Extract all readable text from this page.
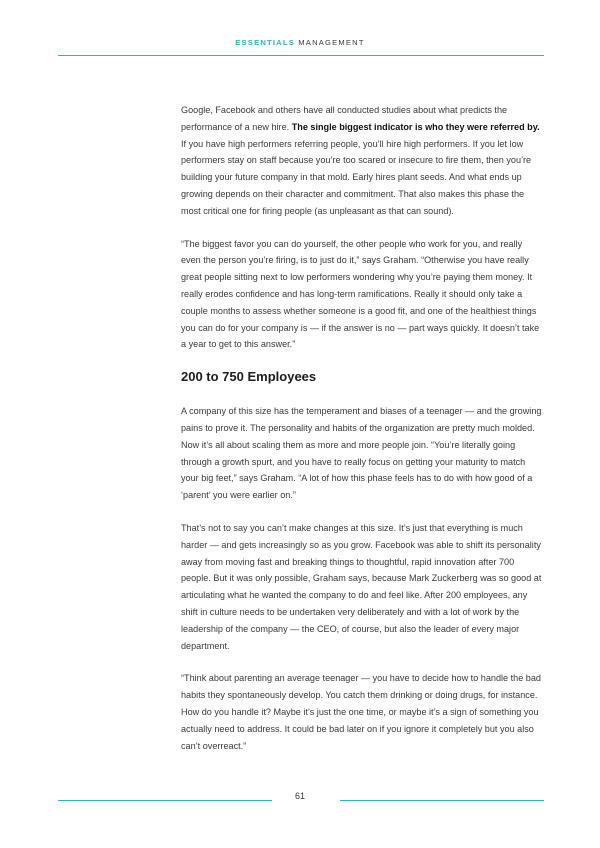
ESSENTIALS MANAGEMENT

Google, Facebook and others have all conducted studies about what predicts the performance of a new hire. The single biggest indicator is who they were referred by. If you have high performers referring people, you’ll hire high performers. If you let low performers stay on staff because you’re too scared or insecure to fire them, then you’re building your future company in that mold. Early hires plant seeds. And what ends up growing depends on their character and commitment. That also makes this phase the most critical one for firing people (as unpleasant as that can sound).

“The biggest favor you can do yourself, the other people who work for you, and really even the person you’re firing, is to just do it,” says Graham. “Otherwise you have really great people sitting next to low performers wondering why you’re paying them money. It really erodes confidence and has long-term ramifications. Really it should only take a couple months to assess whether someone is a good fit, and one of the healthiest things you can do for your company is — if the answer is no — part ways quickly. It doesn’t take a year to get to this answer.”

200 to 750 Employees

A company of this size has the temperament and biases of a teenager — and the growing pains to prove it. The personality and habits of the organization are pretty much molded. Now it’s all about scaling them as more and more people join. “You’re literally going through a growth spurt, and you have to really focus on getting your maturity to match your big feet,” says Graham. “A lot of how this phase feels has to do with how good of a ‘parent’ you were earlier on.”

That’s not to say you can’t make changes at this size. It’s just that everything is much harder — and gets increasingly so as you grow. Facebook was able to shift its personality away from moving fast and breaking things to thoughtful, rapid innovation after 700 people. But it was only possible, Graham says, because Mark Zuckerberg was so good at articulating what he wanted the company to do and feel like. After 200 employees, any shift in culture needs to be undertaken very deliberately and with a lot of work by the leadership of the company — the CEO, of course, but also the leader of every major department.

“Think about parenting an average teenager — you have to decide how to handle the bad habits they spontaneously develop. You catch them drinking or doing drugs, for instance. How do you handle it? Maybe it’s just the one time, or maybe it’s a sign of something you actually need to address. It could be bad later on if you ignore it completely but you also can’t overreact.”

61
